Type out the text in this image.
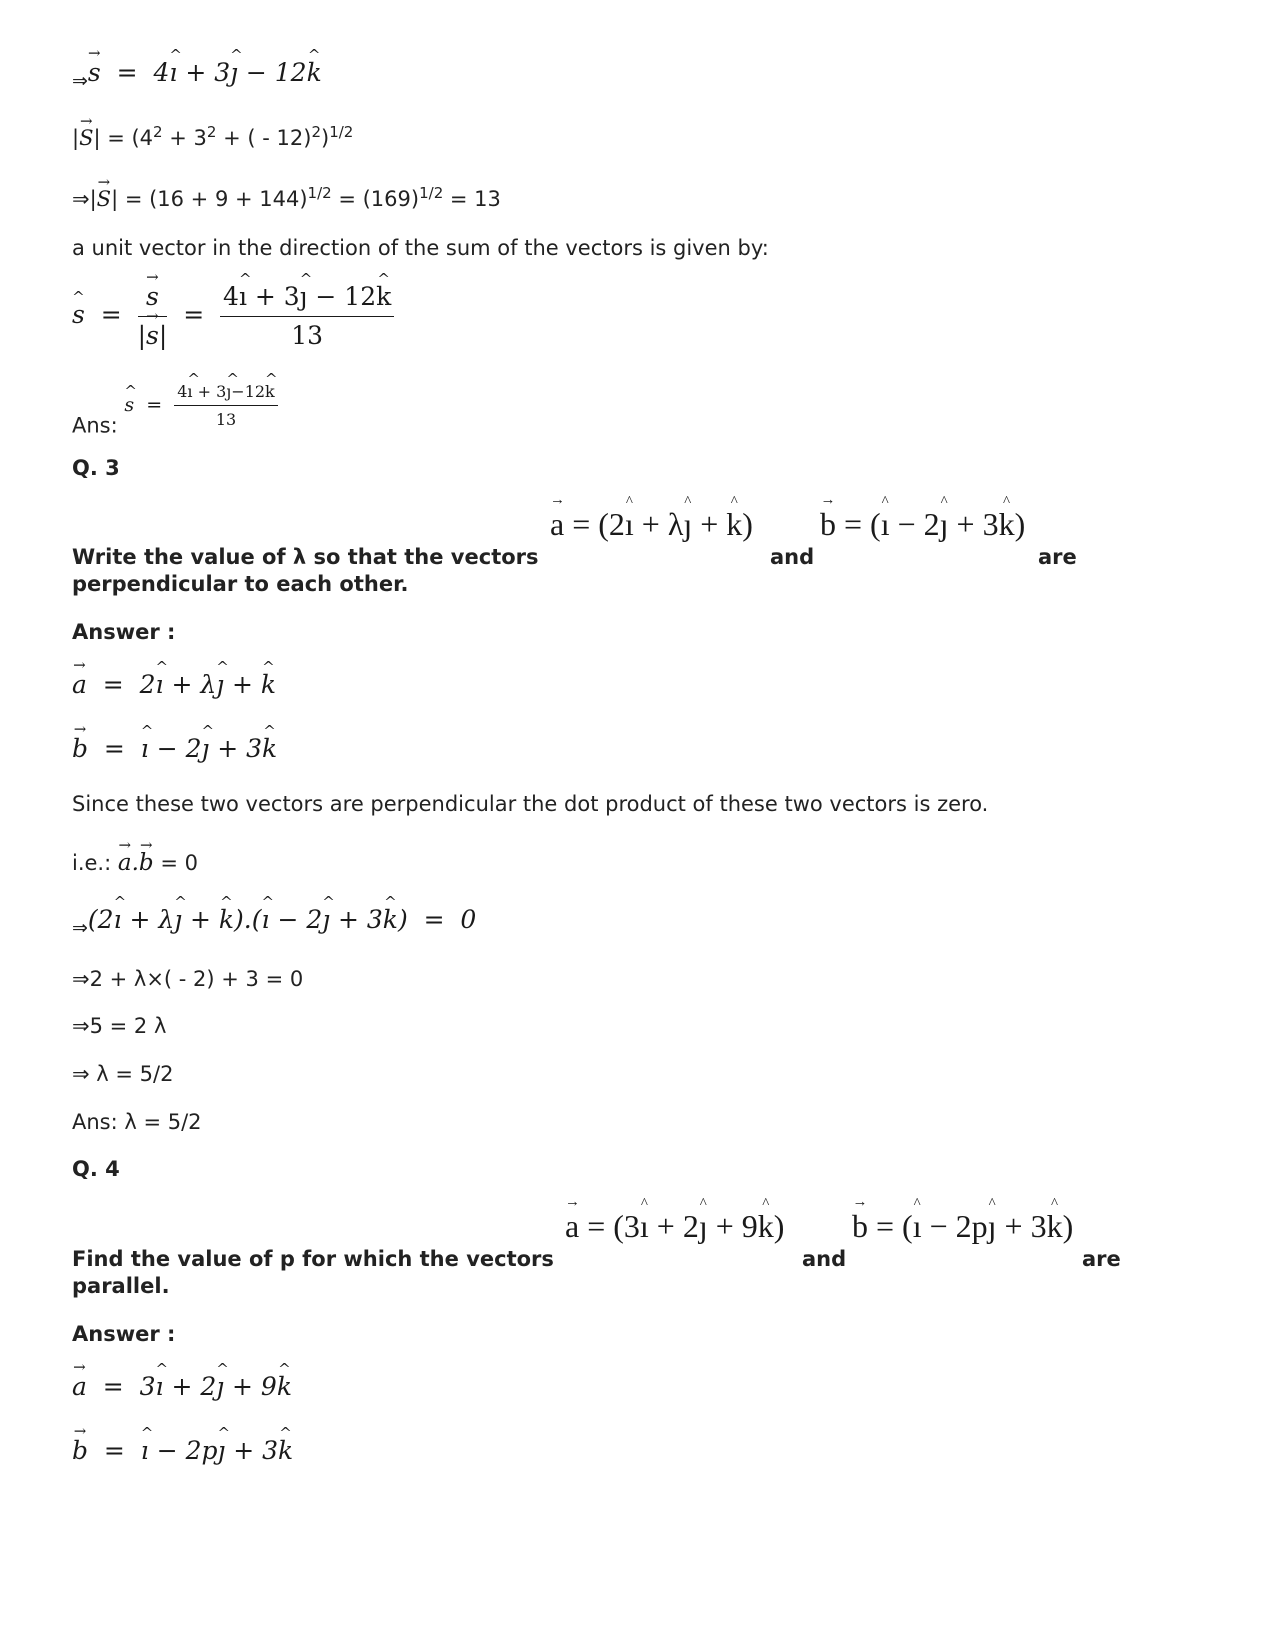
⇒→ s  =  4^ ı + 3^ ȷ − 12^ k
|→ $S| = (4^2 + 3^2$ + ( - 12)$^2$)$^{1/2}$
⇒|→ $S| = (16 + 9 + 144)^{1/2} = (169)^{1/2} = 13$
a unit vector in the direction of the sum of the vectors is given by:
^ s  = → $\frac{s}{|\to s|} = \frac{4\^{} ı + 3\^{} ȷ - 12\^{} k}{13}$
Ans: ^ $s = \frac{4\^{} ı + 3\^{} ȷ-12\^{} k}{13}$
Q. 3
Write the value of λ so that the vectors
→ a = (2^ ı + λ^ ȷ + ^ k)
and
→ b = (^ ı − 2^ ȷ + 3^ k)
are
perpendicular to each other.
Answer :
→ a  =  2^ ı + λ^ ȷ + ^ k
→ b  =  ^ ı − 2^ ȷ + 3^ k
Since these two vectors are perpendicular the dot product of these two vectors is zero.
i.e.: → a.→ b = 0
⇒(2^ ı + λ^ ȷ + ^ k).(^ ı − 2^ ȷ + 3^ k)  =  0
⇒2 + λ×( - 2) + 3 = 0
⇒5 = 2 λ
⇒ λ = 5/2
Ans: λ = 5/2
Q. 4
Find the value of p for which the vectors
→ a = (3^ ı + 2^ ȷ + 9^ k)
and
→ b = (^ ı − 2p^ ȷ + 3^ k)
are
parallel.
Answer :
→ a  =  3^ ı + 2^ ȷ + 9^ k
→ b  =  ^ ı − 2p^ ȷ + 3^ k
